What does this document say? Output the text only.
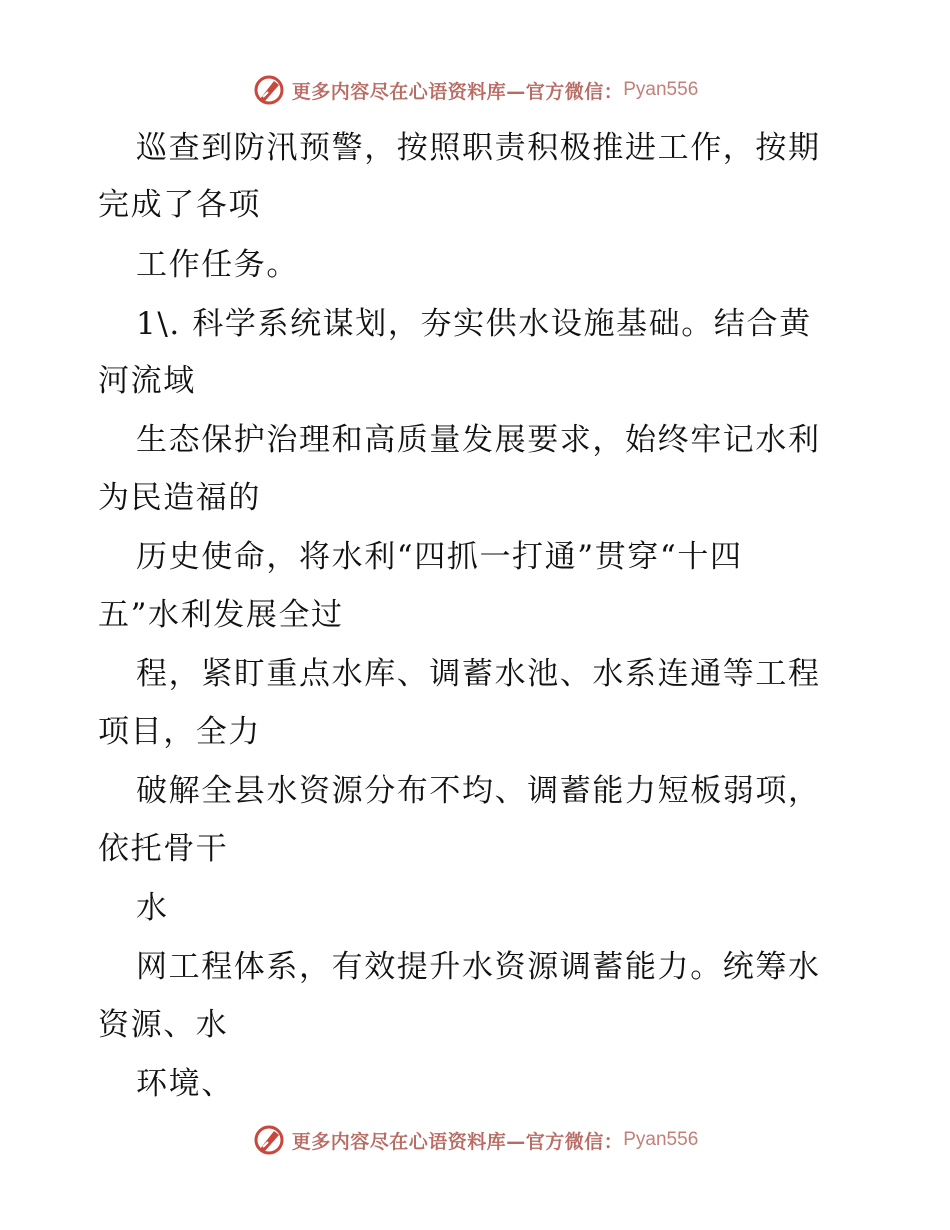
更多内容尽在心语资料库—官方微信： Pyan556
巡查到防汛预警，按照职责积极推进工作，按期
完成了各项
工作任务。
1\. 科学系统谋划，夯实供水设施基础。结合黄
河流域
生态保护治理和高质量发展要求，始终牢记水利
为民造福的
历史使命，将水利“四抓一打通”贯穿“十四
五”水利发展全过
程，紧盯重点水库、调蓄水池、水系连通等工程
项目，全力
破解全县水资源分布不均、调蓄能力短板弱项，
依托骨干
水
网工程体系，有效提升水资源调蓄能力。统筹水
资源、水
环境、
更多内容尽在心语资料库—官方微信： Pyan556
